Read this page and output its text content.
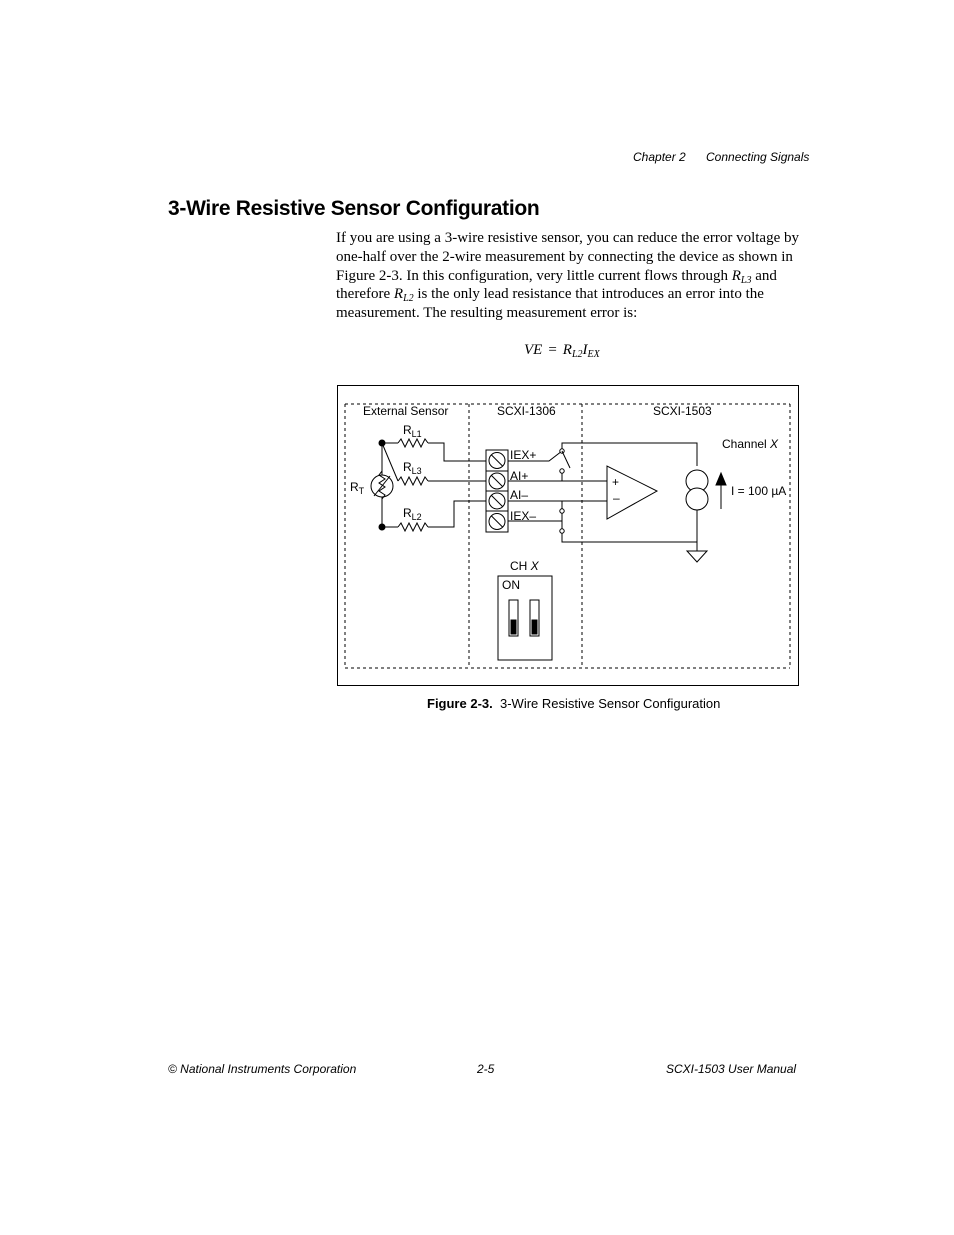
Chapter 2 Connecting Signals
3-Wire Resistive Sensor Configuration

If you are using a 3-wire resistive sensor, you can reduce the error voltage by one-half over the 2-wire measurement by connecting the device as shown in Figure 2-3. In this configuration, very little current flows through $R_{L3}$ and therefore $R_{L2}$ is the only lead resistance that introduces an error into the measurement. The resulting measurement error is:

VE = $R_{L2}I_{EX}$
External Sensor	SCXI-1306	SCXI-1503
$R_T$
$R_{L1}$
$R_{L3}$
$R_{L2}$
IEX+
AI+
AI–
IEX–
+
–
Channel X
I = 100 µA
CH X
ON
Figure 2-3. 3-Wire Resistive Sensor Configuration
© National Instruments Corporation	2-5	SCXI-1503 User Manual
